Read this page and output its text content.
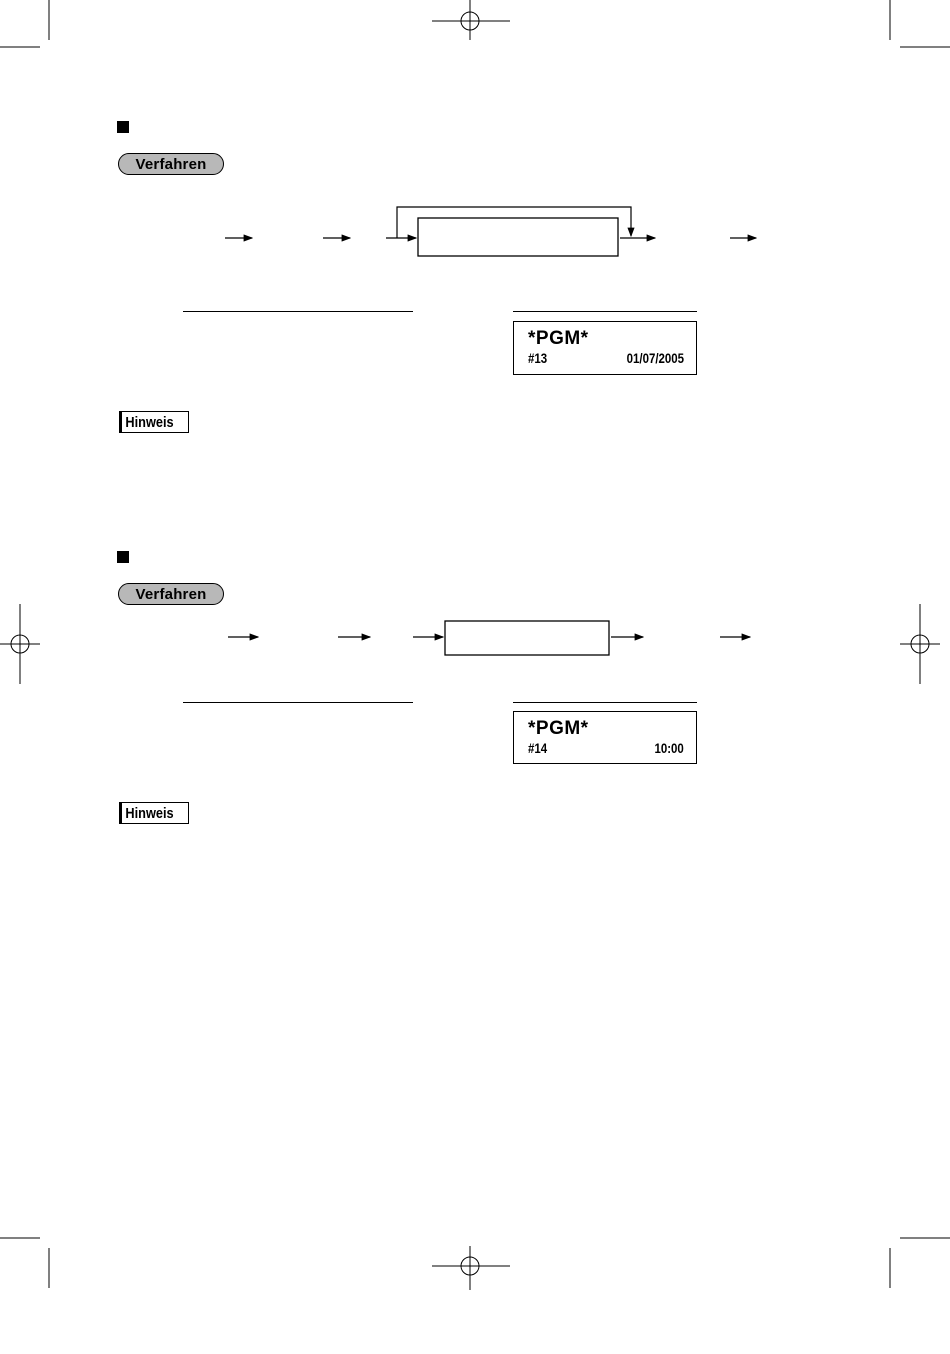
Verfahren
*PGM*
#13	01/07/2005
Hinweis
Verfahren
*PGM*
#14	10:00
Hinweis
